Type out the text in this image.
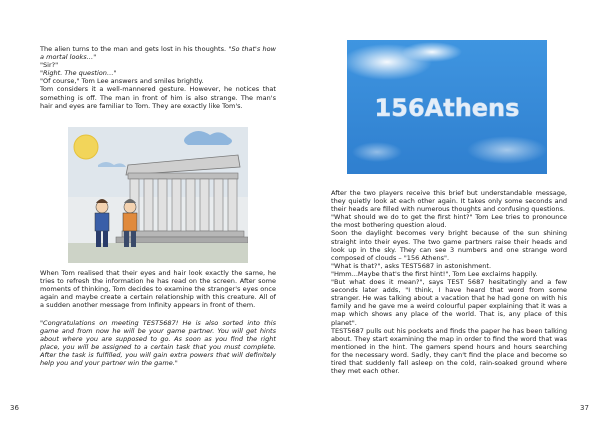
The alien turns to the man and gets lost in his thoughts. "So that's how a mortal looks…"

"Sir?"

"Right. The question…"

"Of course," Tom Lee answers and smiles brightly.

Tom considers it a well-mannered gesture. However, he notices that something is off. The man in front of him is also strange. The man's hair and eyes are familiar to Tom. They are exactly like Tom's.

When Tom realised that their eyes and hair look exactly the same, he tries to refresh the information he has read on the screen. After some moments of thinking, Tom decides to examine the stranger's eyes once again and maybe create a certain relationship with this creature. All of a sudden another message from Infinity appears in front of them.

"Congratulations on meeting TEST5687! He is also sorted into this game and from now he will be your game partner. You will get hints about where you are supposed to go. As soon as you find the right place, you will be assigned to a certain task that you must complete. After the task is fulfilled, you will gain extra powers that will definitely help you and your partner win the game."

36	37
156Athens

After the two players receive this brief but understandable message, they quietly look at each other again. It takes only some seconds and their heads are filled with numerous thoughts and confusing questions.

"What should we do to get the first hint?" Tom Lee tries to pronounce the most bothering question aloud.

Soon the daylight becomes very bright because of the sun shining straight into their eyes. The two game partners raise their heads and look up in the sky. They can see 3 numbers and one strange word composed of clouds – "156 Athens".

"What is that?", asks TEST5687 in astonishment.

"Hmm...Maybe that's the first hint!", Tom Lee exclaims happily.

"But what does it mean?", says TEST 5687 hesitatingly and a few seconds later adds, "I think, I have heard that word from some stranger. He was talking about a vacation that he had gone on with his family and he gave me a weird colourful paper explaining that it was a map which shows any place of the world. That is, any place of this planet".

TEST5687 pulls out his pockets and finds the paper he has been talking about. They start examining the map in order to find the word that was mentioned in the hint. The gamers spend hours and hours searching for the necessary word. Sadly, they can't find the place and become so tired that suddenly fall asleep on the cold, rain-soaked ground where they met each other.
